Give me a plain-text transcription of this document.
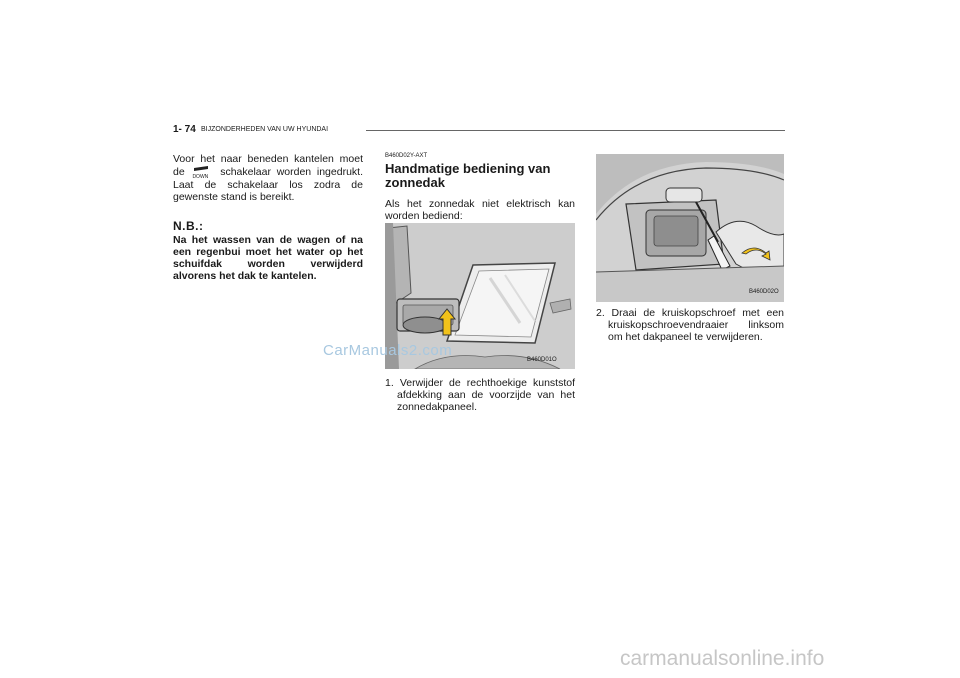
1- 74 BIJZONDERHEDEN VAN UW HYUNDAI

Voor het naar beneden kantelen moet de DOWN schakelaar worden ingedrukt. Laat de schakelaar los zodra de gewenste stand is bereikt.

N.B.:

Na het wassen van de wagen of na een regenbui moet het water op het schuifdak worden verwijderd alvorens het dak te kantelen.

B460D02Y-AXT
Handmatige bediening van zonnedak

Als het zonnedak niet elektrisch kan worden bediend:

B460D01O

1. Verwijder de rechthoekige kunststof afdekking aan de voorzijde van het zonnedakpaneel.

B460D02O

2. Draai de kruiskopschroef met een kruiskopschroevendraaier linksom om het dakpaneel te verwijderen.

CarManuals2.com
carmanualsonline.info
